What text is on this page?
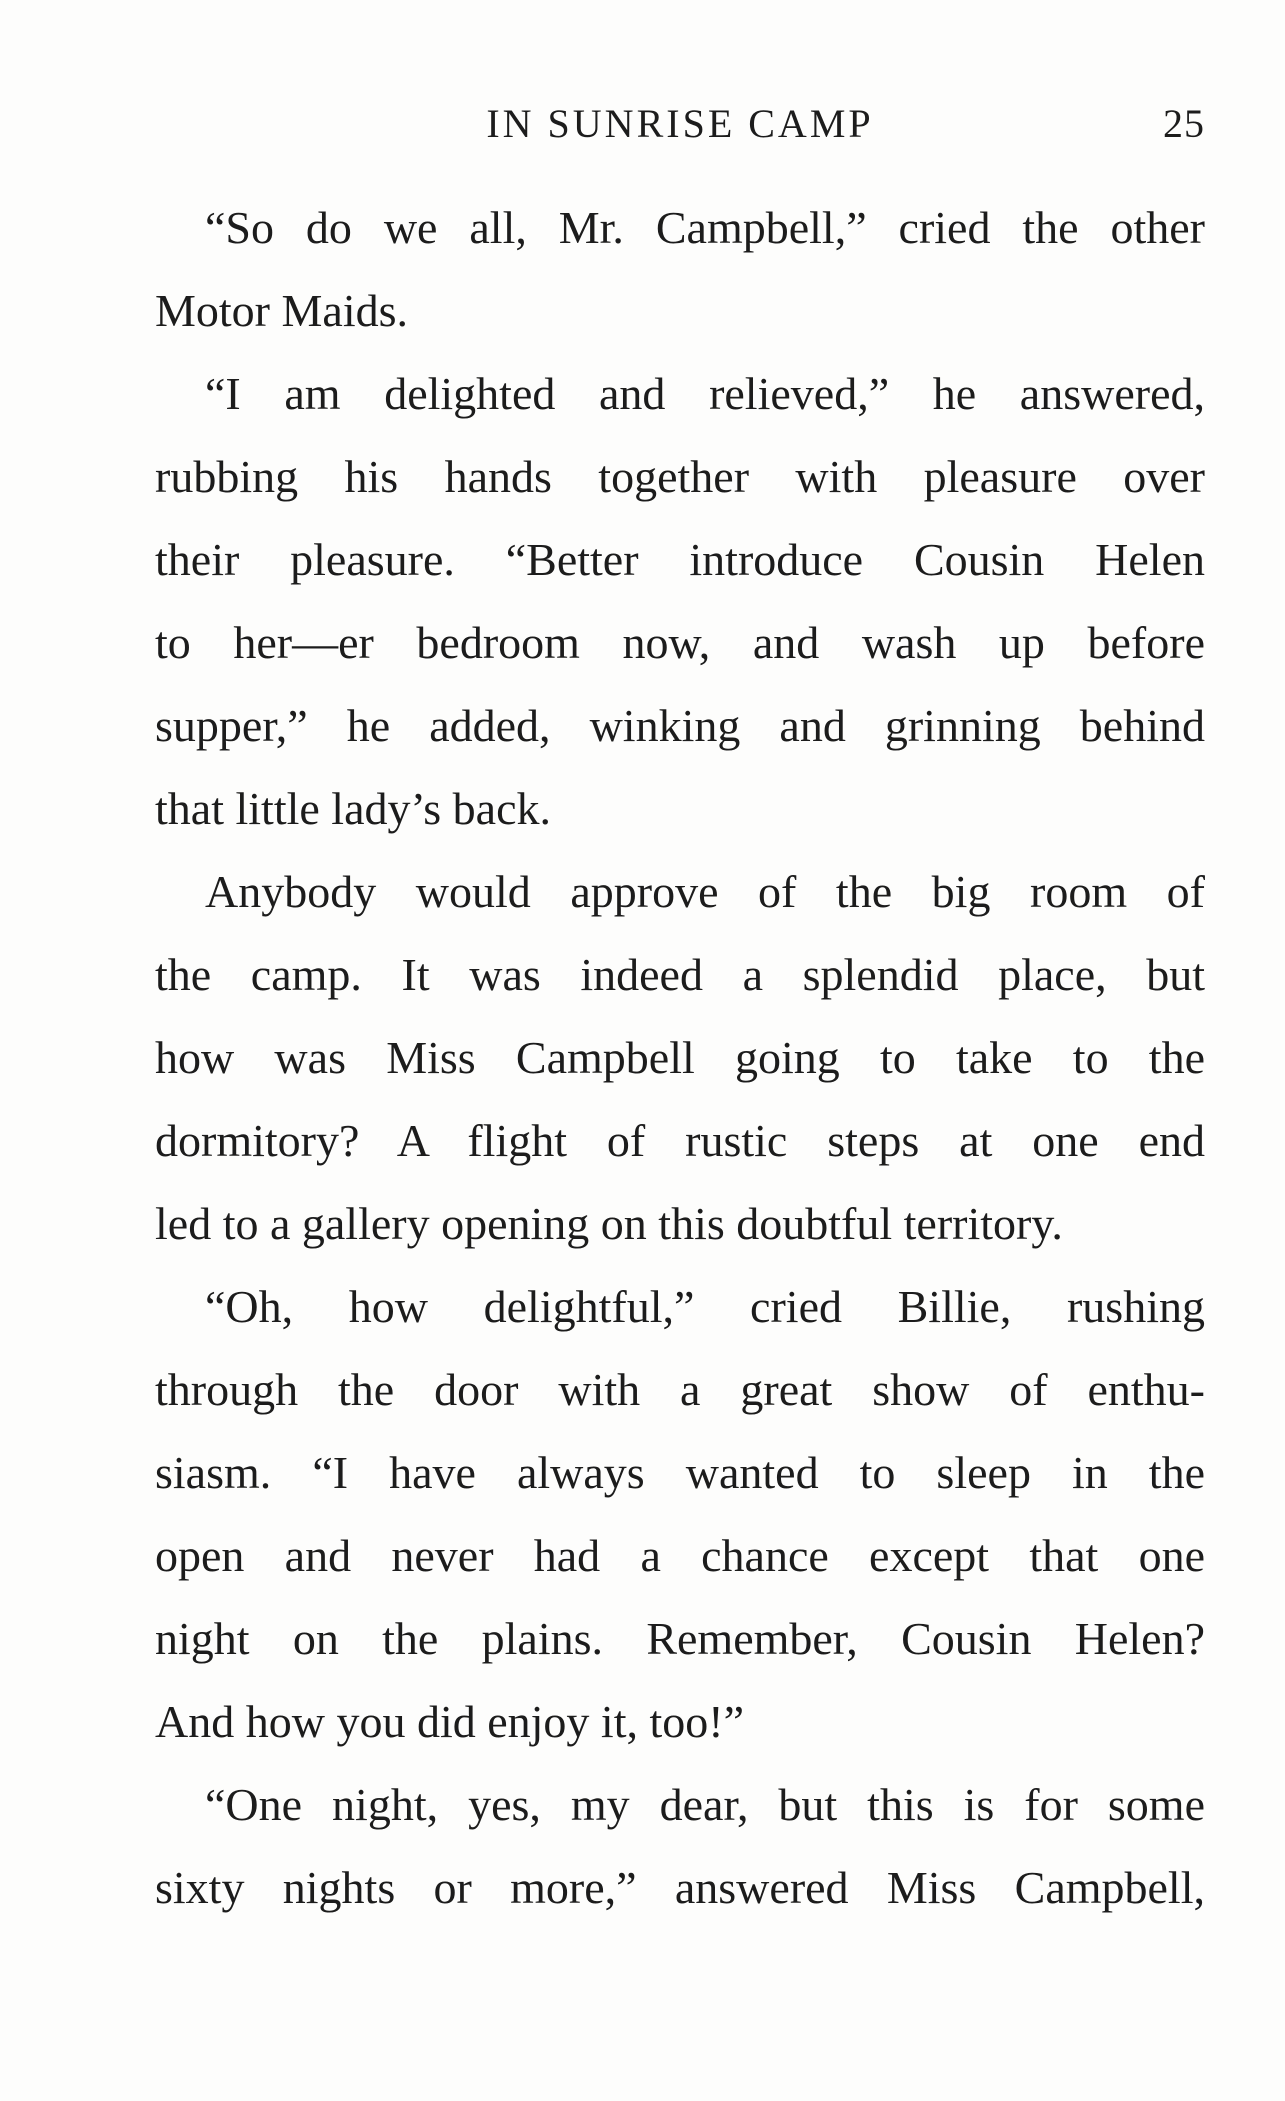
IN SUNRISE CAMP	25
“So do we all, Mr. Campbell,” cried the other
Motor Maids.
“I am delighted and relieved,” he answered,
rubbing his hands together with pleasure over
their pleasure. “Better introduce Cousin Helen
to her—er bedroom now, and wash up before
supper,” he added, winking and grinning behind
that little lady’s back.
Anybody would approve of the big room of
the camp. It was indeed a splendid place, but
how was Miss Campbell going to take to the
dormitory? A flight of rustic steps at one end
led to a gallery opening on this doubtful territory.
“Oh, how delightful,” cried Billie, rushing
through the door with a great show of enthu-
siasm. “I have always wanted to sleep in the
open and never had a chance except that one
night on the plains. Remember, Cousin Helen?
And how you did enjoy it, too!”
“One night, yes, my dear, but this is for some
sixty nights or more,” answered Miss Campbell,
